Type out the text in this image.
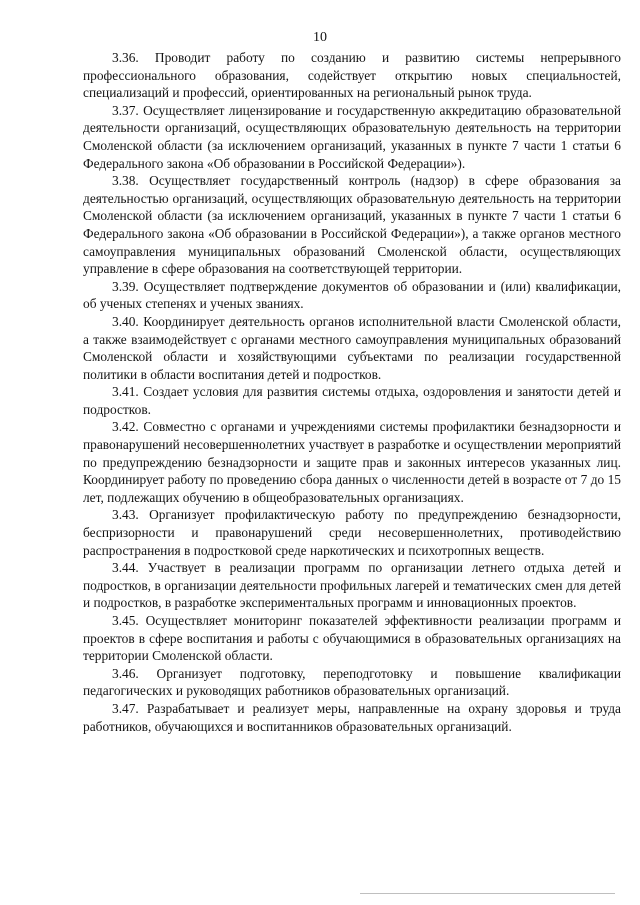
10

3.36. Проводит работу по созданию и развитию системы непрерывного профессионального образования, содействует открытию новых специальностей, специализаций и профессий, ориентированных на региональный рынок труда.

3.37. Осуществляет лицензирование и государственную аккредитацию образовательной деятельности организаций, осуществляющих образовательную деятельность на территории Смоленской области (за исключением организаций, указанных в пункте 7 части 1 статьи 6 Федерального закона «Об образовании в Российской Федерации»).

3.38. Осуществляет государственный контроль (надзор) в сфере образования за деятельностью организаций, осуществляющих образовательную деятельность на территории Смоленской области (за исключением организаций, указанных в пункте 7 части 1 статьи 6 Федерального закона «Об образовании в Российской Федерации»), а также органов местного самоуправления муниципальных образований Смоленской области, осуществляющих управление в сфере образования на соответствующей территории.

3.39. Осуществляет подтверждение документов об образовании и (или) квалификации, об ученых степенях и ученых званиях.

3.40. Координирует деятельность органов исполнительной власти Смоленской области, а также взаимодействует с органами местного самоуправления муниципальных образований Смоленской области и хозяйствующими субъектами по реализации государственной политики в области воспитания детей и подростков.

3.41. Создает условия для развития системы отдыха, оздоровления и занятости детей и подростков.

3.42. Совместно с органами и учреждениями системы профилактики безнадзорности и правонарушений несовершеннолетних участвует в разработке и осуществлении мероприятий по предупреждению безнадзорности и защите прав и законных интересов указанных лиц. Координирует работу по проведению сбора данных о численности детей в возрасте от 7 до 15 лет, подлежащих обучению в общеобразовательных организациях.

3.43. Организует профилактическую работу по предупреждению безнадзорности, беспризорности и правонарушений среди несовершеннолетних, противодействию распространения в подростковой среде наркотических и психотропных веществ.

3.44. Участвует в реализации программ по организации летнего отдыха детей и подростков, в организации деятельности профильных лагерей и тематических смен для детей и подростков, в разработке экспериментальных программ и инновационных проектов.

3.45. Осуществляет мониторинг показателей эффективности реализации программ и проектов в сфере воспитания и работы с обучающимися в образовательных организациях на территории Смоленской области.

3.46. Организует подготовку, переподготовку и повышение квалификации педагогических и руководящих работников образовательных организаций.

3.47. Разрабатывает и реализует меры, направленные на охрану здоровья и труда работников, обучающихся и воспитанников образовательных организаций.
